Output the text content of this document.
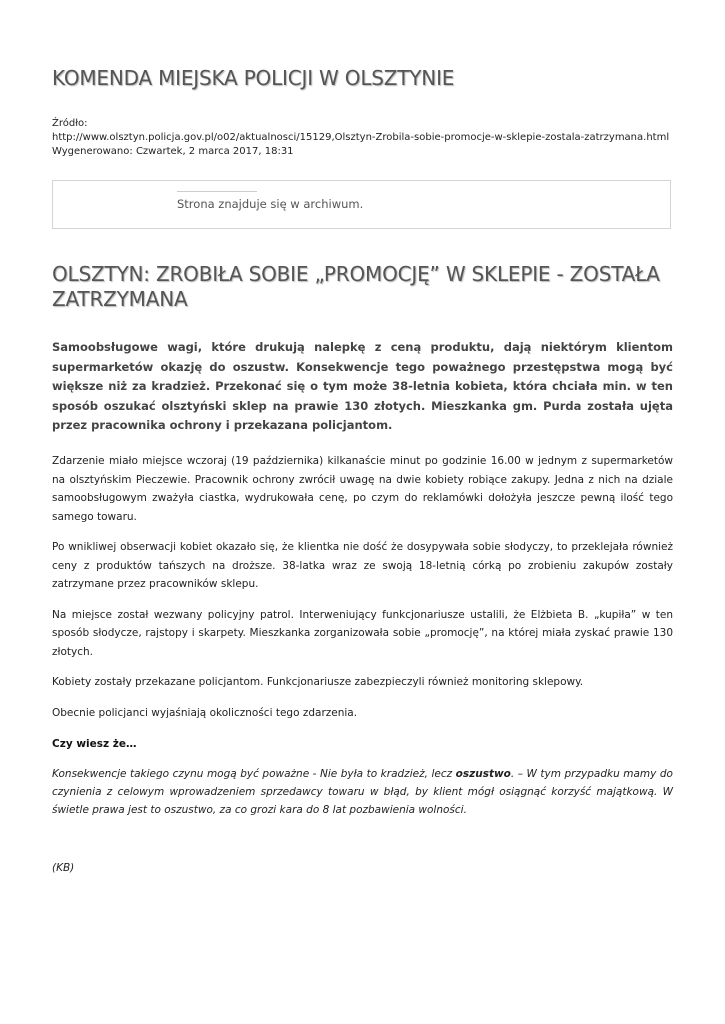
KOMENDA MIEJSKA POLICJI W OLSZTYNIE
Źródło:
http://www.olsztyn.policja.gov.pl/o02/aktualnosci/15129,Olsztyn-Zrobila-sobie-promocje-w-sklepie-zostala-zatrzymana.html
Wygenerowano: Czwartek, 2 marca 2017, 18:31
Strona znajduje się w archiwum.
OLSZTYN: ZROBIŁA SOBIE „PROMOCJĘ” W SKLEPIE - ZOSTAŁA ZATRZYMANA

Samoobsługowe wagi, które drukują nalepkę z ceną produktu, dają niektórym klientom supermarketów okazję do oszustw. Konsekwencje tego poważnego przestępstwa mogą być większe niż za kradzież. Przekonać się o tym może 38-letnia kobieta, która chciała min. w ten sposób oszukać olsztyński sklep na prawie 130 złotych. Mieszkanka gm. Purda została ujęta przez pracownika ochrony i przekazana policjantom.

Zdarzenie miało miejsce wczoraj (19 października) kilkanaście minut po godzinie 16.00 w jednym z supermarketów na olsztyńskim Pieczewie. Pracownik ochrony zwrócił uwagę na dwie kobiety robiące zakupy. Jedna z nich na dziale samoobsługowym zważyła ciastka, wydrukowała cenę, po czym do reklamówki dołożyła jeszcze pewną ilość tego samego towaru.

Po wnikliwej obserwacji kobiet okazało się, że klientka nie dość że dosypywała sobie słodyczy, to przeklejała również ceny z produktów tańszych na droższe. 38-latka wraz ze swoją 18-letnią córką po zrobieniu zakupów zostały zatrzymane przez pracowników sklepu.

Na miejsce został wezwany policyjny patrol. Interweniujący funkcjonariusze ustalili, że Elżbieta B. „kupiła” w ten sposób słodycze, rajstopy i skarpety. Mieszkanka zorganizowała sobie „promocję”, na której miała zyskać prawie 130 złotych.

Kobiety zostały przekazane policjantom. Funkcjonariusze zabezpieczyli również monitoring sklepowy.

Obecnie policjanci wyjaśniają okoliczności tego zdarzenia.

Czy wiesz że…

Konsekwencje takiego czynu mogą być poważne - Nie była to kradzież, lecz oszustwo. – W tym przypadku mamy do czynienia z celowym wprowadzeniem sprzedawcy towaru w błąd, by klient mógł osiągnąć korzyść majątkową. W świetle prawa jest to oszustwo, za co grozi kara do 8 lat pozbawienia wolności.

(KB)
